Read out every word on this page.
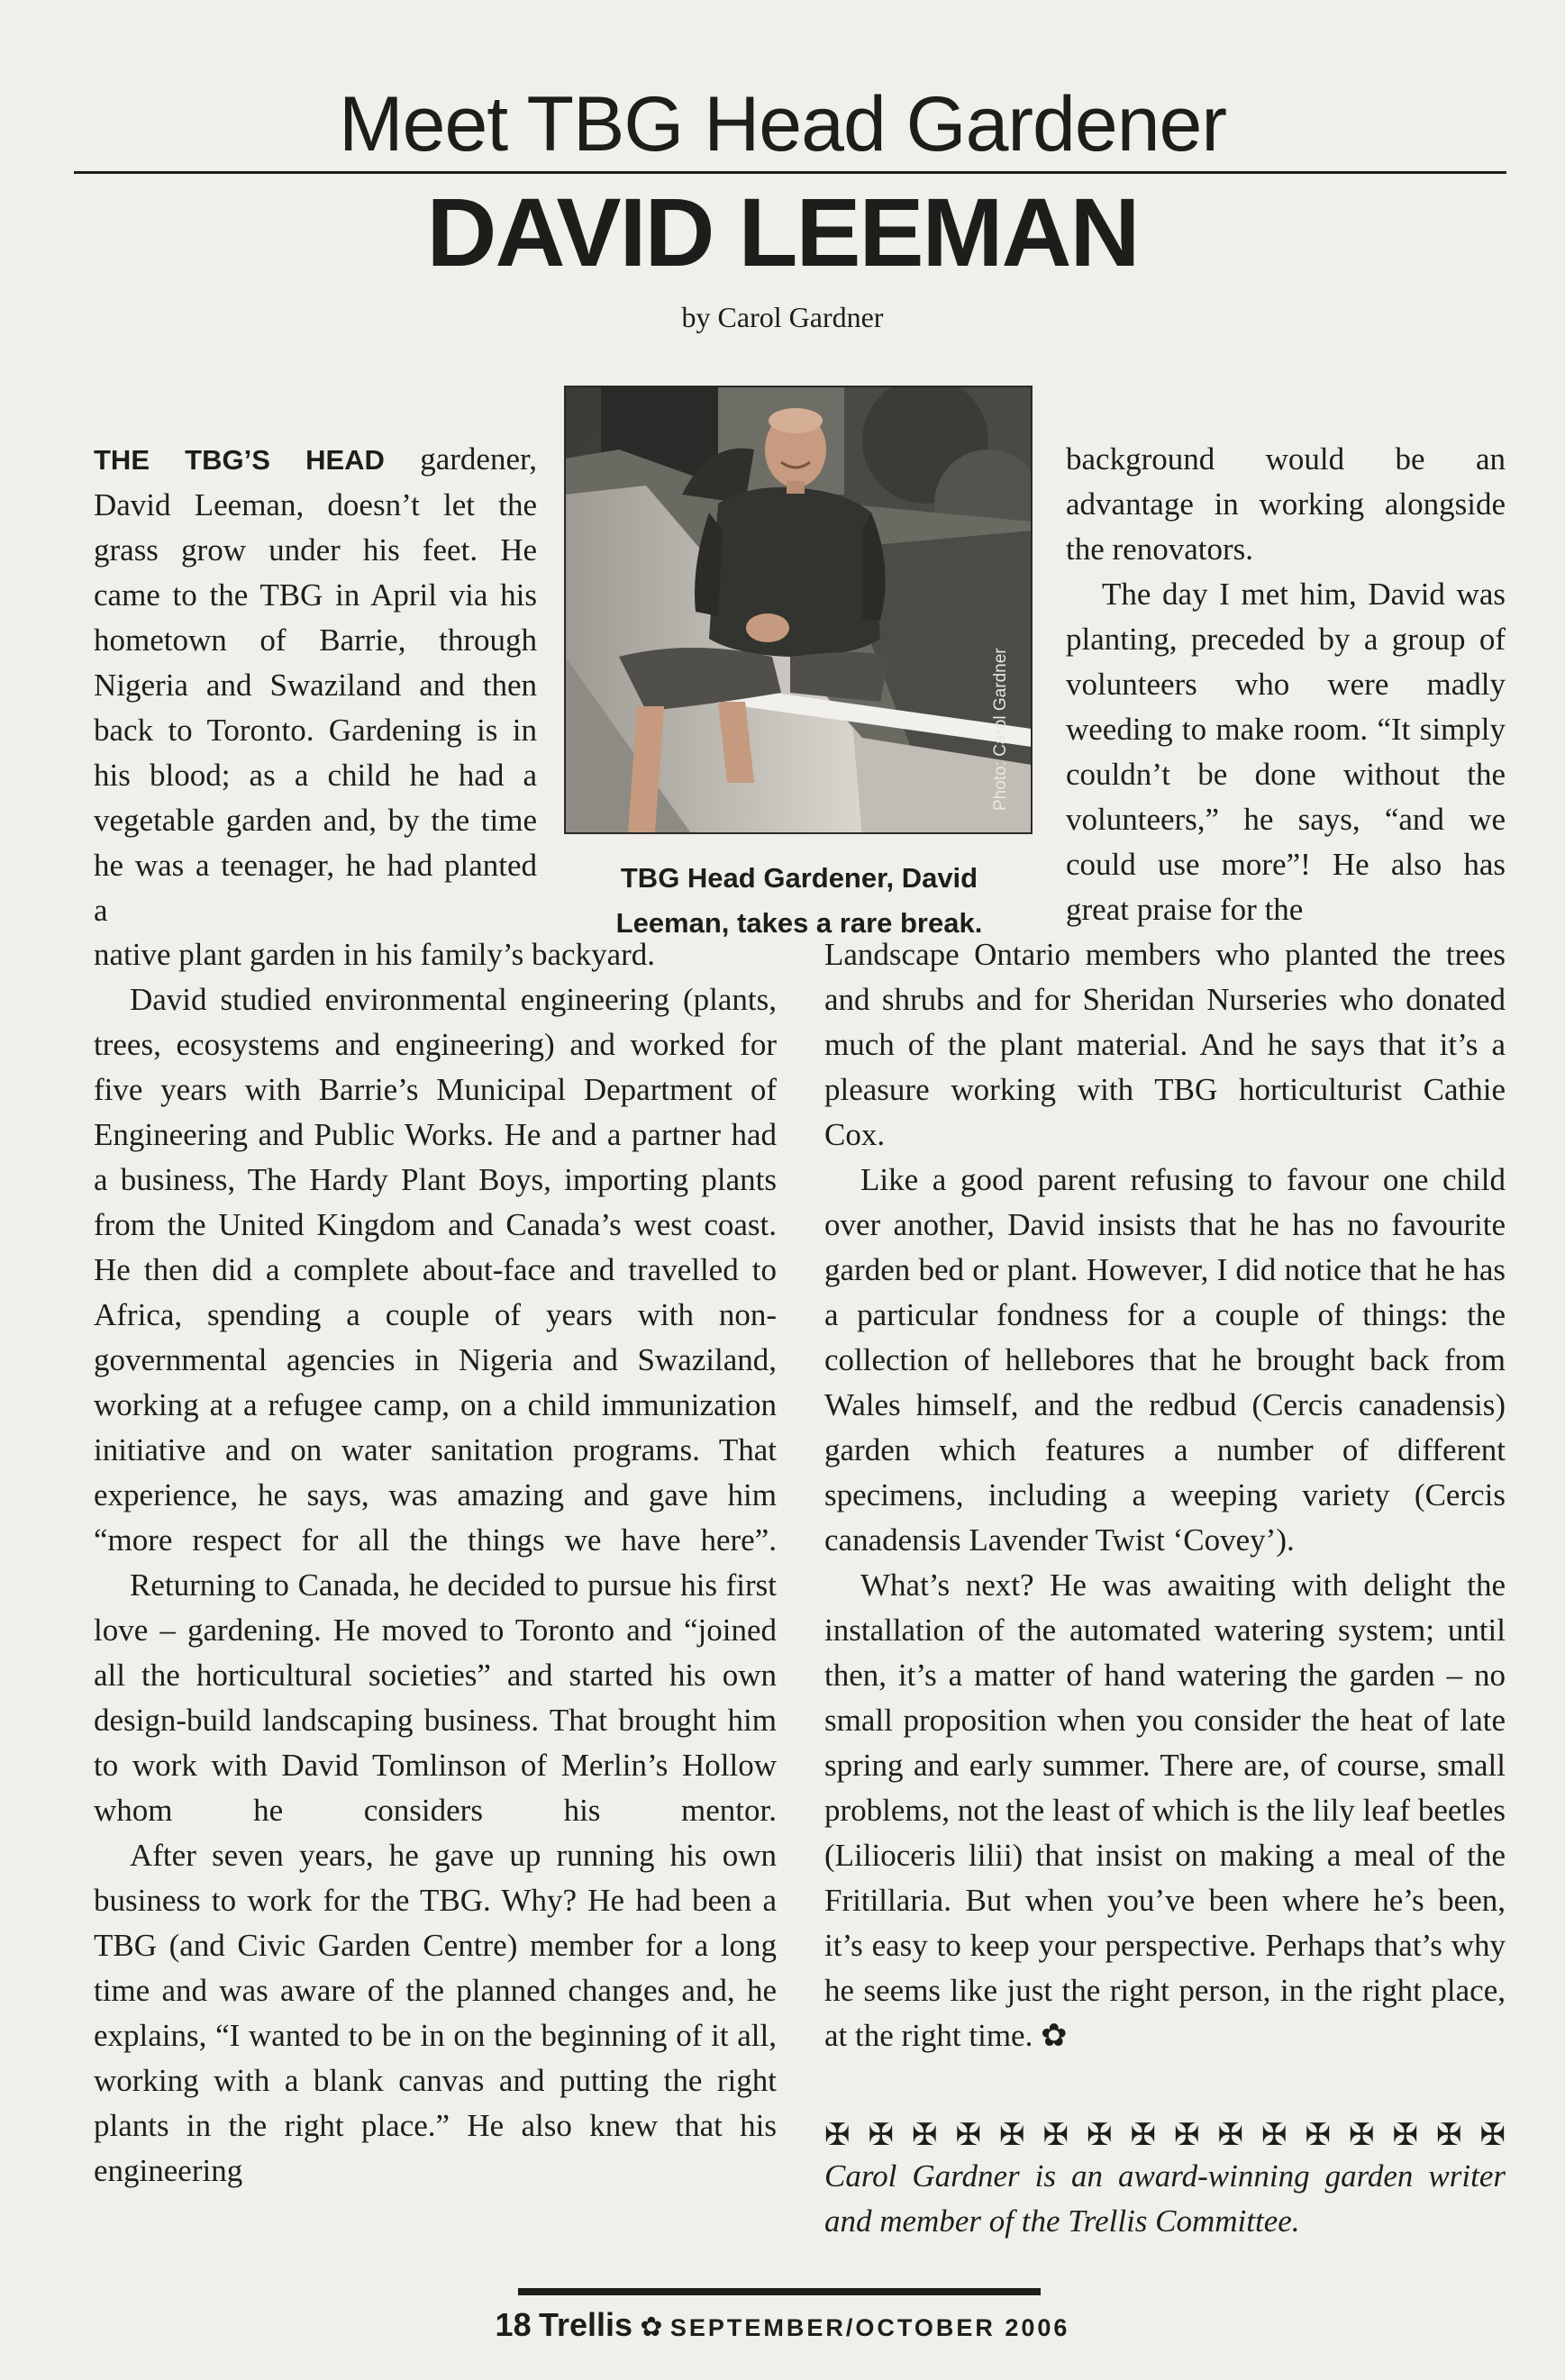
Meet TBG Head Gardener
DAVID LEEMAN
by Carol Gardner
Photo: Carol Gardner
TBG Head Gardener, David Leeman, takes a rare break.

THE TBG’S HEAD gardener, David Leeman, doesn’t let the grass grow under his feet. He came to the TBG in April via his hometown of Barrie, through Nigeria and Swaziland and then back to Toronto. Gardening is in his blood; as a child he had a vegetable garden and, by the time he was a teenager, he had planted a

native plant garden in his family’s backyard.

David studied environmental engineering (plants, trees, ecosystems and engineering) and worked for five years with Barrie’s Municipal Department of Engineering and Public Works. He and a partner had a business, The Hardy Plant Boys, importing plants from the United Kingdom and Canada’s west coast. He then did a complete about-face and travelled to Africa, spending a couple of years with non-governmental agencies in Nigeria and Swaziland, working at a refugee camp, on a child immunization initiative and on water sanitation programs. That experience, he says, was amazing and gave him “more respect for all the things we have here”.

Returning to Canada, he decided to pursue his first love – gardening. He moved to Toronto and “joined all the horticultural societies” and started his own design-build landscaping business. That brought him to work with David Tomlinson of Merlin’s Hollow whom he considers his mentor.

After seven years, he gave up running his own business to work for the TBG. Why? He had been a TBG (and Civic Garden Centre) member for a long time and was aware of the planned changes and, he explains, “I wanted to be in on the beginning of it all, working with a blank canvas and putting the right plants in the right place.” He also knew that his engineering

background would be an advantage in working alongside the renovators.

The day I met him, David was planting, preceded by a group of volunteers who were madly weeding to make room. “It simply couldn’t be done without the volunteers,” he says, “and we could use more”! He also has great praise for the

Landscape Ontario members who planted the trees and shrubs and for Sheridan Nurseries who donated much of the plant material. And he says that it’s a pleasure working with TBG horticulturist Cathie Cox.

Like a good parent refusing to favour one child over another, David insists that he has no favourite garden bed or plant. However, I did notice that he has a particular fondness for a couple of things: the collection of hellebores that he brought back from Wales himself, and the redbud (Cercis canadensis) garden which features a number of different specimens, including a weeping variety (Cercis canadensis Lavender Twist ‘Covey’).

What’s next? He was awaiting with delight the installation of the automated watering system; until then, it’s a matter of hand watering the garden – no small proposition when you consider the heat of late spring and early summer. There are, of course, small problems, not the least of which is the lily leaf beetles (Lilioceris lilii) that insist on making a meal of the Fritillaria. But when you’ve been where he’s been, it’s easy to keep your perspective. Perhaps that’s why he seems like just the right person, in the right place, at the right time. ✿

✠ ✠ ✠ ✠ ✠ ✠ ✠ ✠ ✠ ✠ ✠ ✠ ✠ ✠ ✠ ✠
Carol Gardner is an award-winning garden writer and member of the Trellis Committee.
18 Trellis ✿ SEPTEMBER/OCTOBER 2006
